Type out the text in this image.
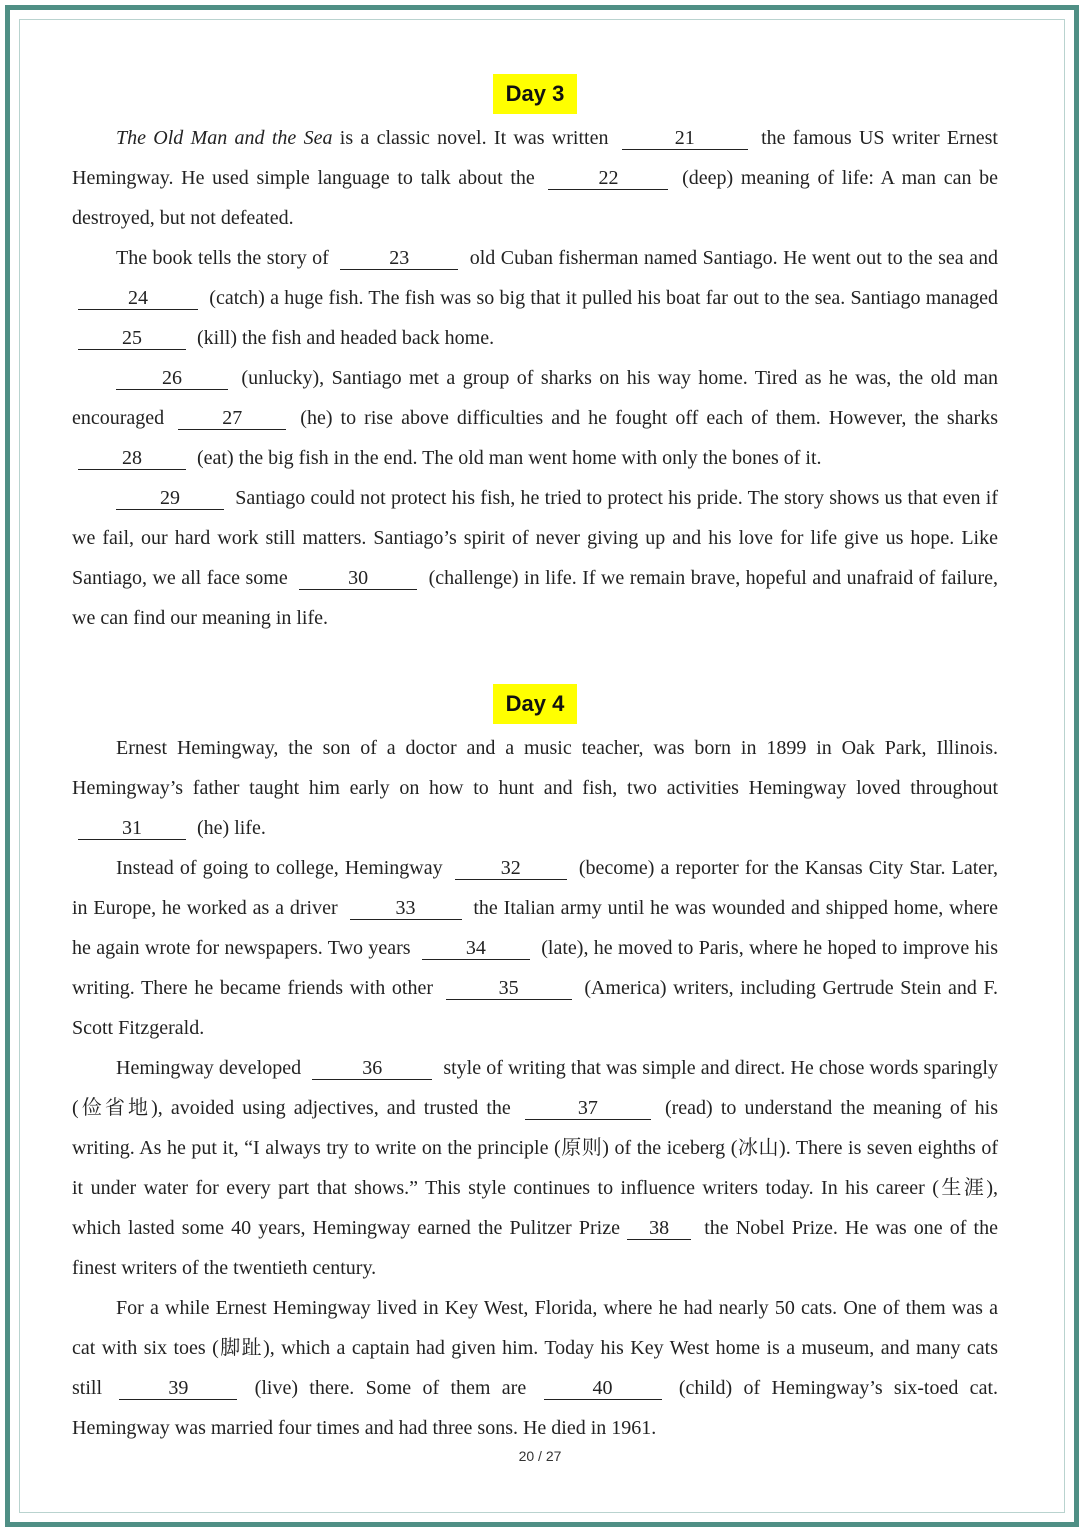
Day 3

The Old Man and the Sea is a classic novel. It was written	21	the famous US writer Ernest Hemingway. He used simple language to talk about the	22	(deep) meaning of life: A man can be destroyed, but not defeated.

The book tells the story of	23	old Cuban fisherman named Santiago. He went out to the sea and 24	(catch) a huge fish. The fish was so big that it pulled his boat far out to the sea. Santiago managed 25	(kill) the fish and headed back home.

26	(unlucky), Santiago met a group of sharks on his way home. Tired as he was, the old man encouraged	27	(he) to rise above difficulties and he fought off each of them. However, the sharks 28	(eat) the big fish in the end. The old man went home with only the bones of it.

29	Santiago could not protect his fish, he tried to protect his pride. The story shows us that even if we fail, our hard work still matters. Santiago’s spirit of never giving up and his love for life give us hope. Like Santiago, we all face some	30	(challenge) in life. If we remain brave, hopeful and unafraid of failure, we can find our meaning in life.

Day 4

Ernest Hemingway, the son of a doctor and a music teacher, was born in 1899 in Oak Park, Illinois. Hemingway’s father taught him early on how to hunt and fish, two activities Hemingway loved throughout 31	(he) life.

Instead of going to college, Hemingway	32	(become) a reporter for the Kansas City Star. Later, in Europe, he worked as a driver	33	the Italian army until he was wounded and shipped home, where he again wrote for newspapers. Two years	34	(late), he moved to Paris, where he hoped to improve his writing. There he became friends with other	35	(America) writers, including Gertrude Stein and F. Scott Fitzgerald.

Hemingway developed	36	style of writing that was simple and direct. He chose words sparingly (俭省地), avoided using adjectives, and trusted the	37	(read) to understand the meaning of his writing. As he put it, “I always try to write on the principle (原则) of the iceberg (冰山). There is seven eighths of it under water for every part that shows.” This style continues to influence writers today. In his career (生涯), which lasted some 40 years, Hemingway earned the Pulitzer Prize 38 the Nobel Prize. He was one of the finest writers of the twentieth century.

For a while Ernest Hemingway lived in Key West, Florida, where he had nearly 50 cats. One of them was a cat with six toes (脚趾), which a captain had given him. Today his Key West home is a museum, and many cats still	39	(live) there. Some of them are	40	(child) of Hemingway’s six-toed cat. Hemingway was married four times and had three sons. He died in 1961.

20 / 27
